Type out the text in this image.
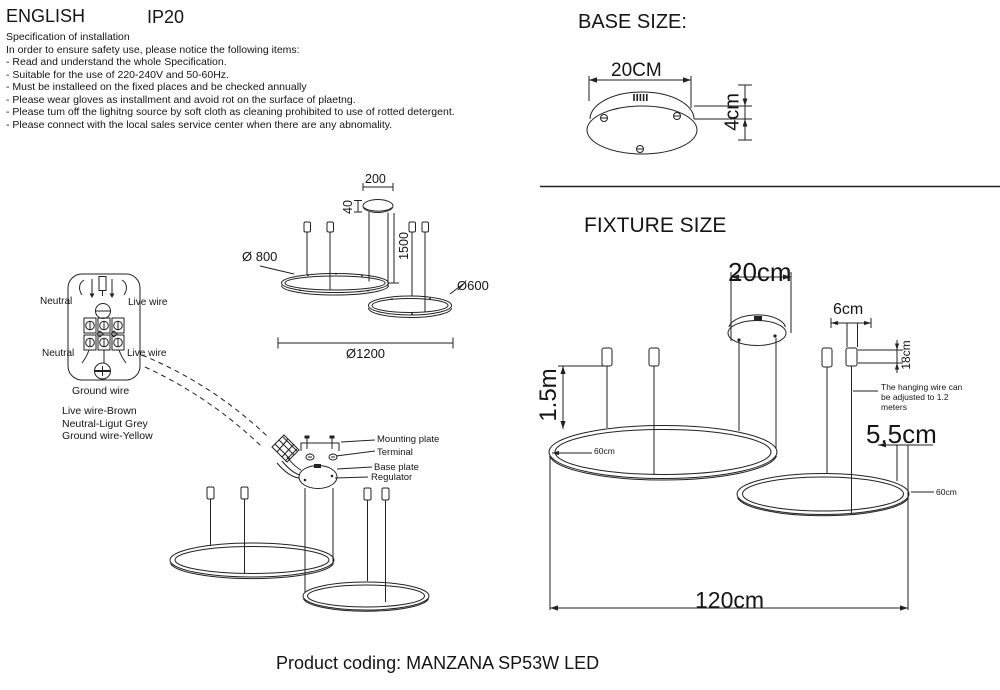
ENGLISH	IP20
Specification of installation
In order to ensure safety use, please notice the following items:
- Read and understand the whole Specification.
- Suitable for the use of 220-240V and 50-60Hz.
- Must be installeed on the fixed places and be checked annually
- Please wear gloves as installment and avoid rot on the surface of plaetng.
- Please tum off the lighitng source by soft cloth as cleaning prohibited to use of rotted detergent.
- Please connect with the local sales service center when there are any abnomality.
BASE SIZE:
20CM
4cm
FIXTURE SIZE
200
40
1500
Ø 800
Ø600
Ø1200
Neutral	Live wire
Neutral	Live wire
Ground wire
Live wire-Brown
Neutral-Ligut Grey
Ground wire-Yellow	Mounting plate
Terminal
Base plate
Regulator
20cm
6cm
18cm
1.5m
5.5cm
60cm
60cm
120cm
The hanging wire can
be adjusted to 1.2
meters
Product coding: MANZANA SP53W LED
